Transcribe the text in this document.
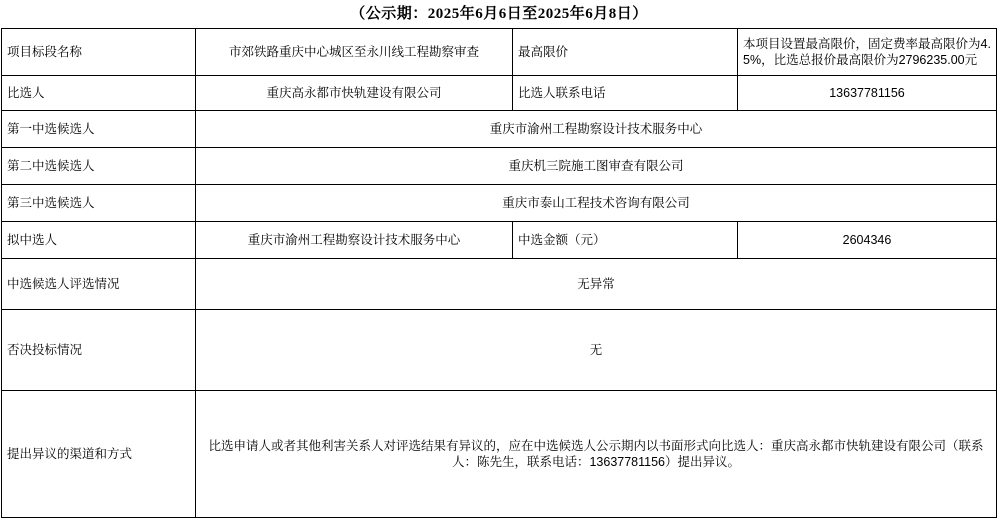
（公示期：2025年6月6日至2025年6月8日）
项目标段名称	市郊铁路重庆中心城区至永川线工程勘察审查	最高限价	本项目设置最高限价，固定费率最高限价为4.5%，比选总报价最高限价为2796235.00元
比选人	重庆高永都市快轨建设有限公司	比选人联系电话	13637781156
第一中选候选人	重庆市渝州工程勘察设计技术服务中心		
第二中选候选人	重庆机三院施工图审查有限公司		
第三中选候选人	重庆市泰山工程技术咨询有限公司		
拟中选人	重庆市渝州工程勘察设计技术服务中心	中选金额（元）	2604346
中选候选人评选情况	无异常		
否决投标情况	无		
提出异议的渠道和方式	比选申请人或者其他利害关系人对评选结果有异议的，应在中选候选人公示期内以书面形式向比选人：重庆高永都市快轨建设有限公司（联系人：陈先生，联系电话：13637781156）提出异议。		
